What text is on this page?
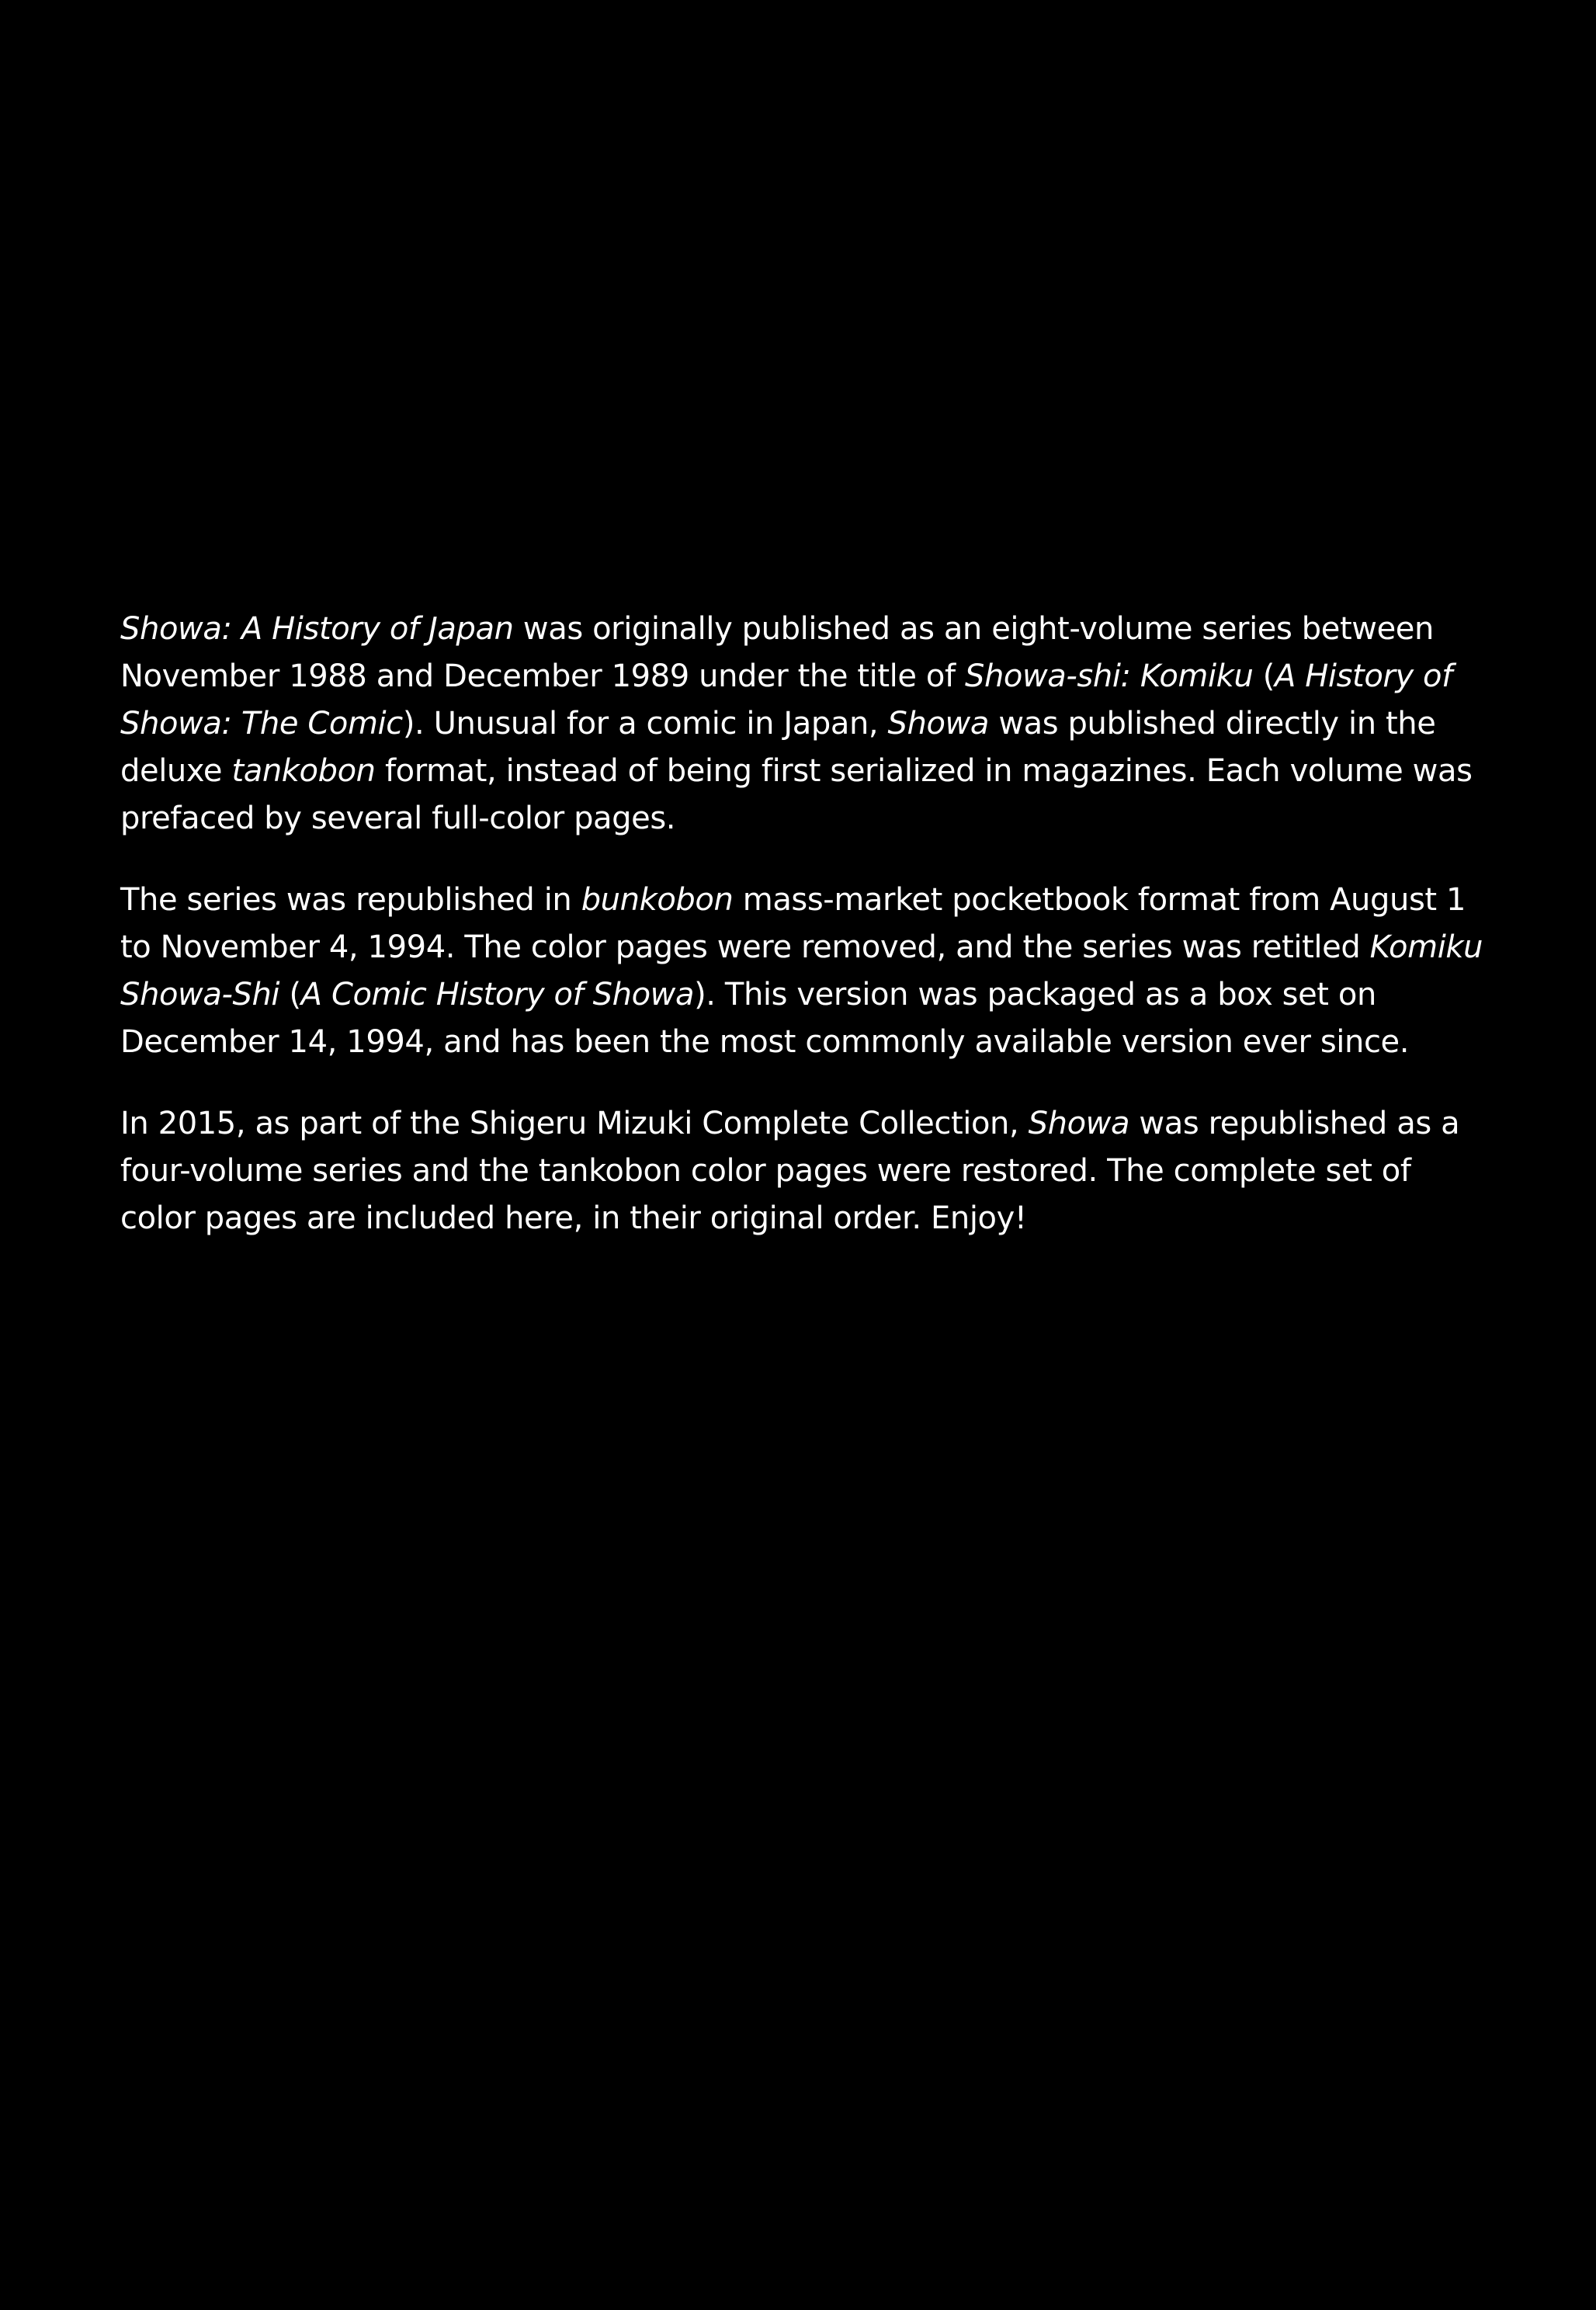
Showa: A History of Japan was originally published as an eight-volume series between November 1988 and December 1989 under the title of Showa-shi: Komiku (A History of Showa: The Comic). Unusual for a comic in Japan, Showa was published directly in the deluxe tankobon format, instead of being first serialized in magazines. Each volume was prefaced by several full-color pages.

The series was republished in bunkobon mass-market pocketbook format from August 1 to November 4, 1994. The color pages were removed, and the series was retitled Komiku Showa-Shi (A Comic History of Showa). This version was packaged as a box set on December 14, 1994, and has been the most commonly available version ever since.

In 2015, as part of the Shigeru Mizuki Complete Collection, Showa was republished as a four-volume series and the tankobon color pages were restored. The complete set of color pages are included here, in their original order. Enjoy!
